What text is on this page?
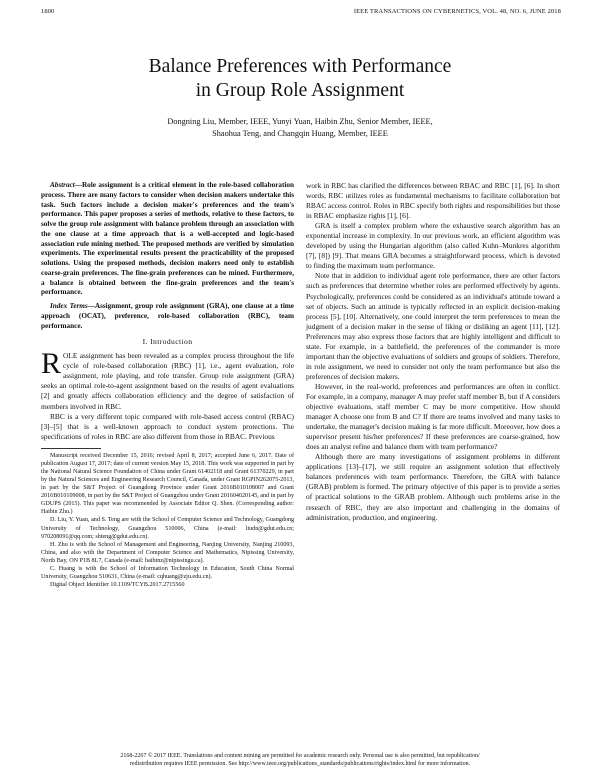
1800	IEEE TRANSACTIONS ON CYBERNETICS, VOL. 48, NO. 6, JUNE 2018
Balance Preferences with Performance
in Group Role Assignment
Dongning Liu, Member, IEEE, Yunyi Yuan, Haibin Zhu, Senior Member, IEEE,
Shaohua Teng, and Changqin Huang, Member, IEEE
Abstract—Role assignment is a critical element in the role-based collaboration process. There are many factors to consider when decision makers undertake this task. Such factors include a decision maker's preferences and the team's performance. This paper proposes a series of methods, relative to these factors, to solve the group role assignment with balance problem through an association with the one clause at a time approach that is a well-accepted and logic-based association rule mining method. The proposed methods are verified by simulation experiments. The experimental results present the practicability of the proposed solutions. Using the proposed methods, decision makers need only to establish coarse-grain preferences. The fine-grain preferences can be mined. Furthermore, a balance is obtained between the fine-grain preferences and the team's performance.
Index Terms—Assignment, group role assignment (GRA), one clause at a time approach (OCAT), preference, role-based collaboration (RBC), team performance.
I. Introduction

ROLE assignment has been revealed as a complex process throughout the life cycle of role-based collaboration (RBC) [1], i.e., agent evaluation, role assignment, role playing, and role transfer. Group role assignment (GRA) seeks an optimal role-to-agent assignment based on the results of agent evaluations [2] and greatly affects collaboration efficiency and the degree of satisfaction of members involved in RBC.

RBC is a very different topic compared with role-based access control (RBAC) [3]–[5] that is a well-known approach to conduct system protections. The specifications of roles in RBC are also different from those in RBAC. Previous

Manuscript received December 15, 2016; revised April 8, 2017; accepted June 6, 2017. Date of publication August 17, 2017; date of current version May 15, 2018. This work was supported in part by the National Natural Science Foundation of China under Grant 61402118 and Grant 61370229, in part by the Natural Sciences and Engineering Research Council, Canada, under Grant RGPIN262075-2013, in part by the S&T Project of Guangdong Province under Grant 2016B010108007 and Grant 2016B010109008, in part by the S&T Project of Guangzhou under Grant 201604020145, and in part by GDUPS (2015). This paper was recommended by Associate Editor Q. Shen. (Corresponding author: Haibin Zhu.)

D. Liu, Y. Yuan, and S. Teng are with the School of Computer Science and Technology, Guangdong University of Technology, Guangzhou 510006, China (e-mail: liudn@gdut.edu.cn; 970208091@qq.com; shteng@gdut.edu.cn).

H. Zhu is with the School of Management and Engineering, Nanjing University, Nanjing 210093, China, and also with the Department of Computer Science and Mathematics, Nipissing University, North Bay, ON P1B 8L7, Canada (e-mail: haibinz@nipissingu.ca).

C. Huang is with the School of Information Technology in Education, South China Normal University, Guangzhou 510631, China (e-mail: cqhuang@zju.edu.cn).

Digital Object Identifier 10.1109/TCYB.2017.2715560

work in RBC has clarified the differences between RBAC and RBC [1], [6]. In short words, RBC utilizes roles as fundamental mechanisms to facilitate collaboration but RBAC access control. Roles in RBC specify both rights and responsibilities but those in RBAC emphasize rights [1], [6].

GRA is itself a complex problem where the exhaustive search algorithm has an exponential increase in complexity. In our previous work, an efficient algorithm was developed by using the Hungarian algorithm (also called Kuhn–Munkres algorithm [7], [8]) [9]. That means GRA becomes a straightforward process, which is devoted to finding the maximum team performance.

Note that in addition to individual agent role performance, there are other factors such as preferences that determine whether roles are performed effectively by agents. Psychologically, preferences could be considered as an individual's attitude toward a set of objects. Such an attitude is typically reflected in an explicit decision-making process [5], [10]. Alternatively, one could interpret the term preferences to mean the judgment of a decision maker in the sense of liking or disliking an agent [11], [12]. Preferences may also express those factors that are highly intelligent and difficult to state. For example, in a battlefield, the preferences of the commander is more important than the objective evaluations of soldiers and groups of soldiers. Therefore, in role assignment, we need to consider not only the team performance but also the preferences of decision makers.

However, in the real-world, preferences and performances are often in conflict. For example, in a company, manager A may prefer staff member B, but if A considers objective evaluations, staff member C may be more competitive. How should manager A choose one from B and C? If there are teams involved and many tasks to undertake, the manager's decision making is far more difficult. Moreover, how does a supervisor present his/her preferences? If these preferences are coarse-grained, how does an analyst refine and balance them with team performance?

Although there are many investigations of assignment problems in different applications [13]–[17], we still require an assignment solution that effectively balances preferences with team performance. Therefore, the GRA with balance (GRAB) problem is formed. The primary objective of this paper is to provide a series of practical solutions to the GRAB problem. Although such problems arise in the research of RBC, they are also important and challenging in the domains of administration, production, and engineering.

2168-2267 © 2017 IEEE. Translations and content mining are permitted for academic research only. Personal use is also permitted, but republication/
redistribution requires IEEE permission. See http://www.ieee.org/publications_standards/publications/rights/index.html for more information.
